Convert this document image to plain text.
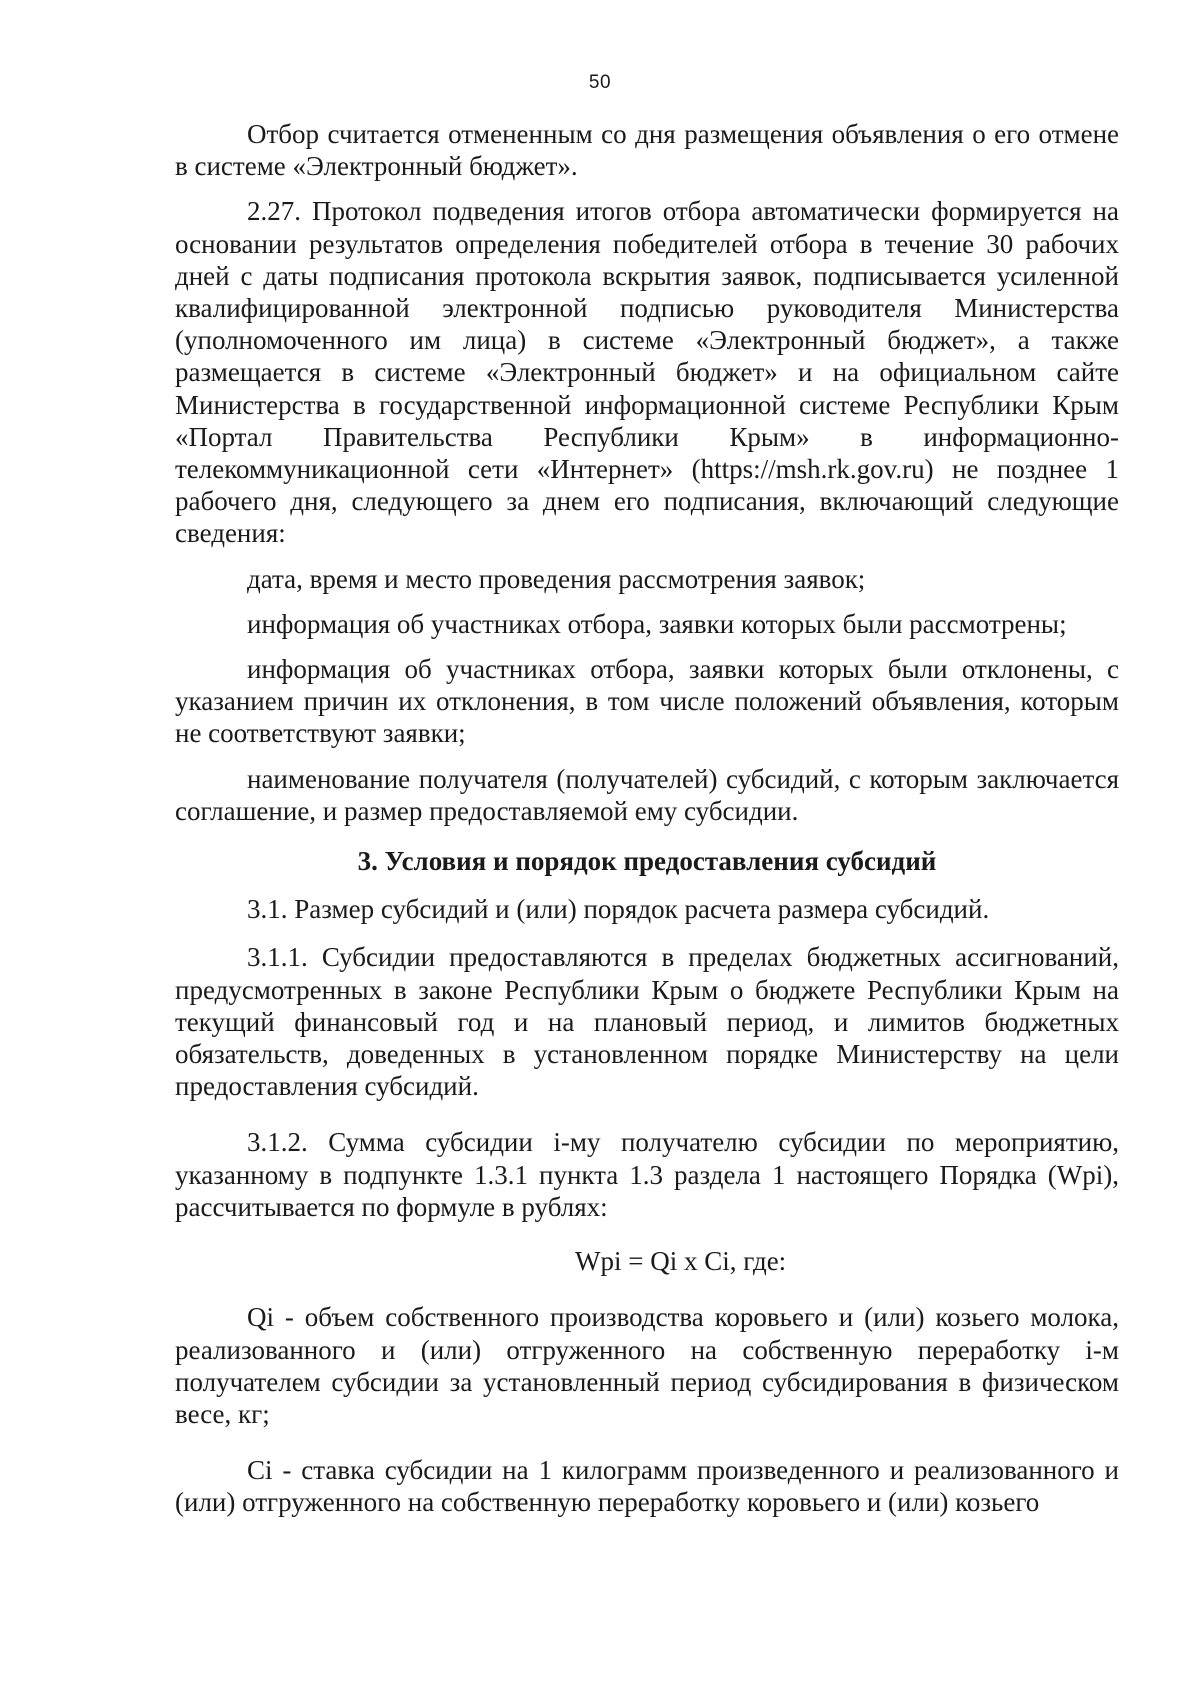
50

Отбор считается отмененным со дня размещения объявления о его отмене в системе «Электронный бюджет».

2.27. Протокол подведения итогов отбора автоматически формируется на основании результатов определения победителей отбора в течение 30 рабочих дней с даты подписания протокола вскрытия заявок, подписывается усиленной квалифицированной электронной подписью руководителя Министерства (уполномоченного им лица) в системе «Электронный бюджет», а также размещается в системе «Электронный бюджет» и на официальном сайте Министерства в государственной информационной системе Республики Крым «Портал Правительства Республики Крым» в информационно-телекоммуникационной сети «Интернет» (https://msh.rk.gov.ru) не позднее 1 рабочего дня, следующего за днем его подписания, включающий следующие сведения:

дата, время и место проведения рассмотрения заявок;

информация об участниках отбора, заявки которых были рассмотрены;

информация об участниках отбора, заявки которых были отклонены, с указанием причин их отклонения, в том числе положений объявления, которым не соответствуют заявки;

наименование получателя (получателей) субсидий, с которым заключается соглашение, и размер предоставляемой ему субсидии.

3. Условия и порядок предоставления субсидий

3.1. Размер субсидий и (или) порядок расчета размера субсидий.

3.1.1. Субсидии предоставляются в пределах бюджетных ассигнований, предусмотренных в законе Республики Крым о бюджете Республики Крым на текущий финансовый год и на плановый период, и лимитов бюджетных обязательств, доведенных в установленном порядке Министерству на цели предоставления субсидий.

3.1.2. Сумма субсидии i-му получателю субсидии по мероприятию, указанному в подпункте 1.3.1 пункта 1.3 раздела 1 настоящего Порядка (Wpi), рассчитывается по формуле в рублях:

Wpi = Qi x Ci, где:

Qi - объем собственного производства коровьего и (или) козьего молока, реализованного и (или) отгруженного на собственную переработку i-м получателем субсидии за установленный период субсидирования в физическом весе, кг;

Ci - ставка субсидии на 1 килограмм произведенного и реализованного и (или) отгруженного на собственную переработку коровьего и (или) козьего
